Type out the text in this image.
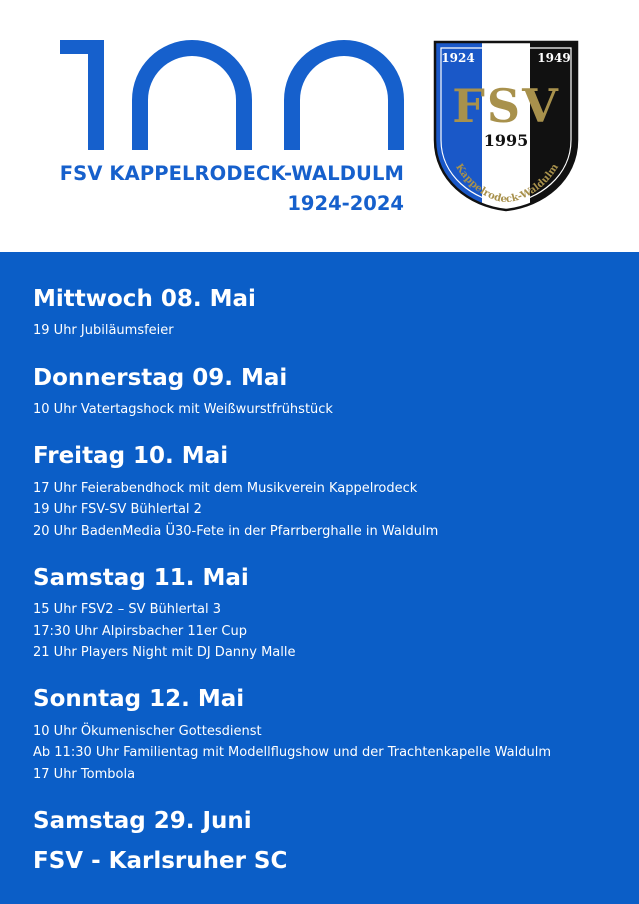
FSV KAPPELRODECK-WALDULM
1924-2024
1924	1949
FSV
1995
Kappelrodeck-Waldulm
Mittwoch 08. Mai

19 Uhr Jubiläumsfeier

Donnerstag 09. Mai

10 Uhr Vatertagshock mit Weißwurstfrühstück

Freitag 10. Mai

17 Uhr Feierabendhock mit dem Musikverein Kappelrodeck

19 Uhr FSV-SV Bühlertal 2

20 Uhr BadenMedia Ü30-Fete in der Pfarrberghalle in Waldulm

Samstag 11. Mai

15 Uhr FSV2 – SV Bühlertal 3

17:30 Uhr Alpirsbacher 11er Cup

21 Uhr Players Night mit DJ Danny Malle

Sonntag 12. Mai

10 Uhr Ökumenischer Gottesdienst

Ab 11:30 Uhr Familientag mit Modellflugshow und der Trachtenkapelle Waldulm

17 Uhr Tombola

Samstag 29. Juni
FSV - Karlsruher SC
